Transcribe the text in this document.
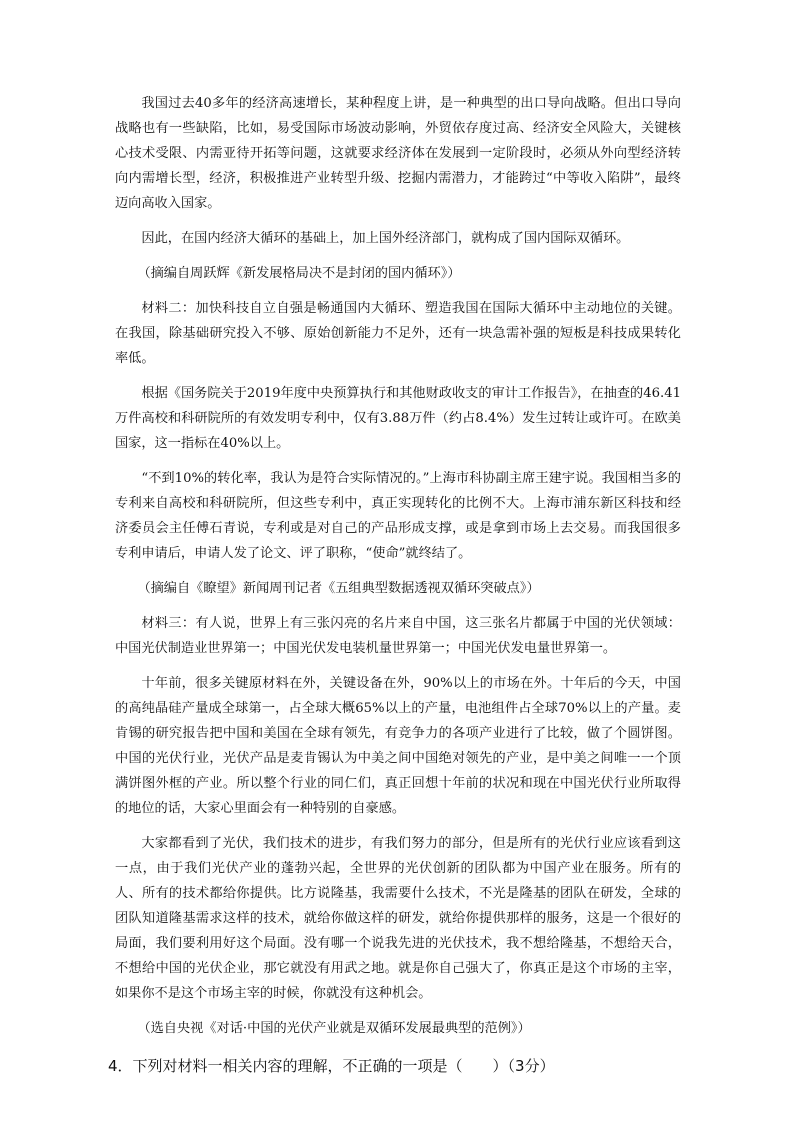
我国过去40多年的经济高速增长，某种程度上讲，是一种典型的出口导向战略。但出口导向战略也有一些缺陷，比如，易受国际市场波动影响，外贸依存度过高、经济安全风险大，关键核心技术受限、内需亚待开拓等问题，这就要求经济体在发展到一定阶段时，必须从外向型经济转向内需增长型，经济，积极推进产业转型升级、挖掘内需潜力，才能跨过“中等收入陷阱”，最终迈向高收入国家。

因此，在国内经济大循环的基础上，加上国外经济部门，就构成了国内国际双循环。

（摘编自周跃辉《新发展格局决不是封闭的国内循环》）

材料二：加快科技自立自强是畅通国内大循环、塑造我国在国际大循环中主动地位的关键。在我国，除基础研究投入不够、原始创新能力不足外，还有一块急需补强的短板是科技成果转化率低。

根据《国务院关于2019年度中央预算执行和其他财政收支的审计工作报告》，在抽查的46.41万件高校和科研院所的有效发明专利中，仅有3.88万件（约占8.4%）发生过转让或许可。在欧美国家，这一指标在40%以上。

“不到10%的转化率，我认为是符合实际情况的。”上海市科协副主席王建宇说。我国相当多的专利来自高校和科研院所，但这些专利中，真正实现转化的比例不大。上海市浦东新区科技和经济委员会主任傅石青说，专利或是对自己的产品形成支撑，或是拿到市场上去交易。而我国很多专利申请后，申请人发了论文、评了职称，“使命”就终结了。

（摘编自《瞭望》新闻周刊记者《五组典型数据透视双循环突破点》）

材料三：有人说，世界上有三张闪亮的名片来自中国，这三张名片都属于中国的光伏领域：中国光伏制造业世界第一；中国光伏发电装机量世界第一；中国光伏发电量世界第一。

十年前，很多关键原材料在外，关键设备在外，90%以上的市场在外。十年后的今天，中国的高纯晶硅产量成全球第一，占全球大概65%以上的产量，电池组件占全球70%以上的产量。麦肯锡的研究报告把中国和美国在全球有领先，有竞争力的各项产业进行了比较，做了个圆饼图。中国的光伏行业，光伏产品是麦肯锡认为中美之间中国绝对领先的产业，是中美之间唯一一个顶满饼图外框的产业。所以整个行业的同仁们，真正回想十年前的状况和现在中国光伏行业所取得的地位的话，大家心里面会有一种特别的自豪感。

大家都看到了光伏，我们技术的进步，有我们努力的部分，但是所有的光伏行业应该看到这一点，由于我们光伏产业的蓬勃兴起，全世界的光伏创新的团队都为中国产业在服务。所有的人、所有的技术都给你提供。比方说隆基，我需要什么技术，不光是隆基的团队在研发，全球的团队知道隆基需求这样的技术，就给你做这样的研发，就给你提供那样的服务，这是一个很好的局面，我们要利用好这个局面。没有哪一个说我先进的光伏技术，我不想给隆基，不想给天合，不想给中国的光伏企业，那它就没有用武之地。就是你自己强大了，你真正是这个市场的主宰，如果你不是这个市场主宰的时候，你就没有这种机会。

（选自央视《对话·中国的光伏产业就是双循环发展最典型的范例》）

4．下列对材料一相关内容的理解，不正确的一项是（　　）（3分）
